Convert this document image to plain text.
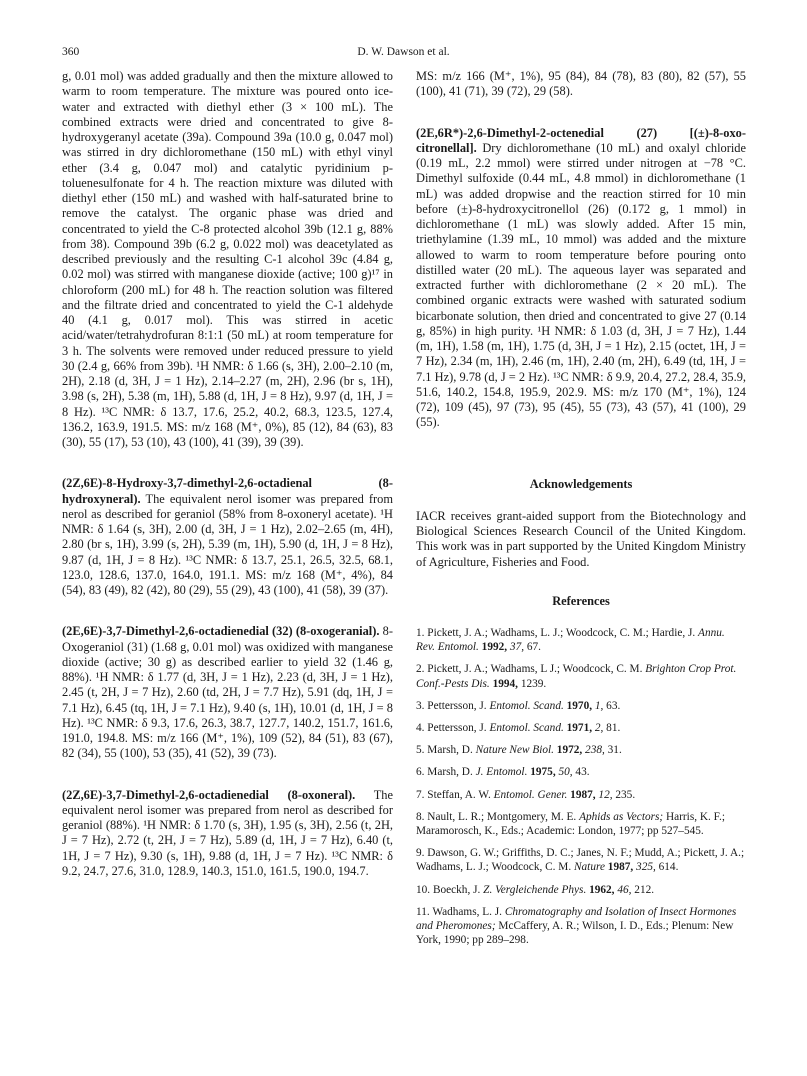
360	D. W. Dawson et al.

g, 0.01 mol) was added gradually and then the mixture allowed to warm to room temperature. The mixture was poured onto ice-water and extracted with diethyl ether (3 × 100 mL). The combined extracts were dried and concentrated to give 8-hydroxygeranyl acetate (39a). Compound 39a (10.0 g, 0.047 mol) was stirred in dry dichloromethane (150 mL) with ethyl vinyl ether (3.4 g, 0.047 mol) and catalytic pyridinium p-toluenesulfonate for 4 h. The reaction mixture was diluted with diethyl ether (150 mL) and washed with half-saturated brine to remove the catalyst. The organic phase was dried and concentrated to yield the C-8 protected alcohol 39b (12.1 g, 88% from 38). Compound 39b (6.2 g, 0.022 mol) was deacetylated as described previously and the resulting C-1 alcohol 39c (4.84 g, 0.02 mol) was stirred with manganese dioxide (active; 100 g)¹⁷ in chloroform (200 mL) for 48 h. The reaction solution was filtered and the filtrate dried and concentrated to yield the C-1 aldehyde 40 (4.1 g, 0.017 mol). This was stirred in acetic acid/water/tetrahydrofuran 8:1:1 (50 mL) at room temperature for 3 h. The solvents were removed under reduced pressure to yield 30 (2.4 g, 66% from 39b). ¹H NMR: δ 1.66 (s, 3H), 2.00–2.10 (m, 2H), 2.18 (d, 3H, J = 1 Hz), 2.14–2.27 (m, 2H), 2.96 (br s, 1H), 3.98 (s, 2H), 5.38 (m, 1H), 5.88 (d, 1H, J = 8 Hz), 9.97 (d, 1H, J = 8 Hz). ¹³C NMR: δ 13.7, 17.6, 25.2, 40.2, 68.3, 123.5, 127.4, 136.2, 163.9, 191.5. MS: m/z 168 (M⁺, 0%), 85 (12), 84 (63), 83 (30), 55 (17), 53 (10), 43 (100), 41 (39), 39 (39).

(2Z,6E)-8-Hydroxy-3,7-dimethyl-2,6-octadienal (8-hydroxyneral). The equivalent nerol isomer was prepared from nerol as described for geraniol (58% from 8-oxoneryl acetate). ¹H NMR: δ 1.64 (s, 3H), 2.00 (d, 3H, J = 1 Hz), 2.02–2.65 (m, 4H), 2.80 (br s, 1H), 3.99 (s, 2H), 5.39 (m, 1H), 5.90 (d, 1H, J = 8 Hz), 9.87 (d, 1H, J = 8 Hz). ¹³C NMR: δ 13.7, 25.1, 26.5, 32.5, 68.1, 123.0, 128.6, 137.0, 164.0, 191.1. MS: m/z 168 (M⁺, 4%), 84 (54), 83 (49), 82 (42), 80 (29), 55 (29), 43 (100), 41 (58), 39 (37).

(2E,6E)-3,7-Dimethyl-2,6-octadienedial (32) (8-oxogeranial). 8-Oxogeraniol (31) (1.68 g, 0.01 mol) was oxidized with manganese dioxide (active; 30 g) as described earlier to yield 32 (1.46 g, 88%). ¹H NMR: δ 1.77 (d, 3H, J = 1 Hz), 2.23 (d, 3H, J = 1 Hz), 2.45 (t, 2H, J = 7 Hz), 2.60 (td, 2H, J = 7.7 Hz), 5.91 (dq, 1H, J = 7.1 Hz), 6.45 (tq, 1H, J = 7.1 Hz), 9.40 (s, 1H), 10.01 (d, 1H, J = 8 Hz). ¹³C NMR: δ 9.3, 17.6, 26.3, 38.7, 127.7, 140.2, 151.7, 161.6, 191.0, 194.8. MS: m/z 166 (M⁺, 1%), 109 (52), 84 (51), 83 (67), 82 (34), 55 (100), 53 (35), 41 (52), 39 (73).

(2Z,6E)-3,7-Dimethyl-2,6-octadienedial (8-oxoneral). The equivalent nerol isomer was prepared from nerol as described for geraniol (88%). ¹H NMR: δ 1.70 (s, 3H), 1.95 (s, 3H), 2.56 (t, 2H, J = 7 Hz), 2.72 (t, 2H, J = 7 Hz), 5.89 (d, 1H, J = 7 Hz), 6.40 (t, 1H, J = 7 Hz), 9.30 (s, 1H), 9.88 (d, 1H, J = 7 Hz). ¹³C NMR: δ 9.2, 24.7, 27.6, 31.0, 128.9, 140.3, 151.0, 161.5, 190.0, 194.7.

MS: m/z 166 (M⁺, 1%), 95 (84), 84 (78), 83 (80), 82 (57), 55 (100), 41 (71), 39 (72), 29 (58).

(2E,6R*)-2,6-Dimethyl-2-octenedial (27) [(±)-8-oxo-citronellal]. Dry dichloromethane (10 mL) and oxalyl chloride (0.19 mL, 2.2 mmol) were stirred under nitrogen at −78 °C. Dimethyl sulfoxide (0.44 mL, 4.8 mmol) in dichloromethane (1 mL) was added dropwise and the reaction stirred for 10 min before (±)-8-hydroxycitronellol (26) (0.172 g, 1 mmol) in dichloromethane (1 mL) was slowly added. After 15 min, triethylamine (1.39 mL, 10 mmol) was added and the mixture allowed to warm to room temperature before pouring onto distilled water (20 mL). The aqueous layer was separated and extracted further with dichloromethane (2 × 20 mL). The combined organic extracts were washed with saturated sodium bicarbonate solution, then dried and concentrated to give 27 (0.14 g, 85%) in high purity. ¹H NMR: δ 1.03 (d, 3H, J = 7 Hz), 1.44 (m, 1H), 1.58 (m, 1H), 1.75 (d, 3H, J = 1 Hz), 2.15 (octet, 1H, J = 7 Hz), 2.34 (m, 1H), 2.46 (m, 1H), 2.40 (m, 2H), 6.49 (td, 1H, J = 7.1 Hz), 9.78 (d, J = 2 Hz). ¹³C NMR: δ 9.9, 20.4, 27.2, 28.4, 35.9, 51.6, 140.2, 154.8, 195.9, 202.9. MS: m/z 170 (M⁺, 1%), 124 (72), 109 (45), 97 (73), 95 (45), 55 (73), 43 (57), 41 (100), 29 (55).

Acknowledgements

IACR receives grant-aided support from the Biotechnology and Biological Sciences Research Council of the United Kingdom. This work was in part supported by the United Kingdom Ministry of Agriculture, Fisheries and Food.

References
1. Pickett, J. A.; Wadhams, L. J.; Woodcock, C. M.; Hardie, J. Annu. Rev. Entomol. 1992, 37, 67.
2. Pickett, J. A.; Wadhams, L J.; Woodcock, C. M. Brighton Crop Prot. Conf.-Pests Dis. 1994, 1239.
3. Pettersson, J. Entomol. Scand. 1970, 1, 63.
4. Pettersson, J. Entomol. Scand. 1971, 2, 81.
5. Marsh, D. Nature New Biol. 1972, 238, 31.
6. Marsh, D. J. Entomol. 1975, 50, 43.
7. Steffan, A. W. Entomol. Gener. 1987, 12, 235.
8. Nault, L. R.; Montgomery, M. E. Aphids as Vectors; Harris, K. F.; Maramorosch, K., Eds.; Academic: London, 1977; pp 527–545.
9. Dawson, G. W.; Griffiths, D. C.; Janes, N. F.; Mudd, A.; Pickett, J. A.; Wadhams, L. J.; Woodcock, C. M. Nature 1987, 325, 614.
10. Boeckh, J. Z. Vergleichende Phys. 1962, 46, 212.
11. Wadhams, L. J. Chromatography and Isolation of Insect Hormones and Pheromones; McCaffery, A. R.; Wilson, I. D., Eds.; Plenum: New York, 1990; pp 289–298.
